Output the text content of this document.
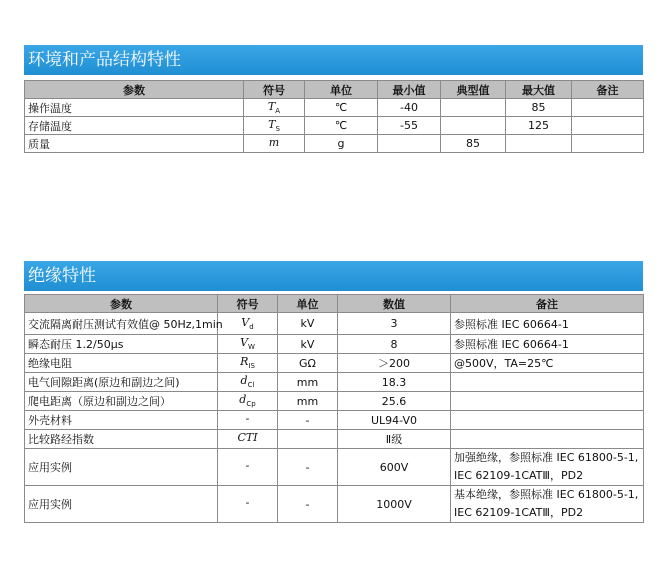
环境和产品结构特性
参数	符号	单位	最小值	典型值	最大值	备注
操作温度	$T_A$	℃	-40		85	
存储温度	$T_S$	℃	-55		125	
质量	m	g		85		
绝缘特性
参数	符号	单位	数值	备注
交流隔离耐压测试有效值@ 50Hz,1min	$V_d$	kV	3	参照标准 IEC 60664-1
瞬态耐压 1.2/50μs	$V_W$	kV	8	参照标准 IEC 60664-1
绝缘电阻	$R_{IS}$	GΩ	＞200	@500V，TA=25℃
电气间隙距离(原边和副边之间)	$d_{Cl}$	mm	18.3	
爬电距离（原边和副边之间）	$d_{Cp}$	mm	25.6	
外壳材料	-	-	UL94-V0	
比较路经指数	CTI		Ⅱ级	
应用实例	-	-	600V	加强绝缘，参照标准 IEC 61800-5-1,
IEC 62109-1CATⅢ，PD2

应用实例	-	-	1000V	基本绝缘，参照标准 IEC 61800-5-1,
IEC 62109-1CATⅢ，PD2
